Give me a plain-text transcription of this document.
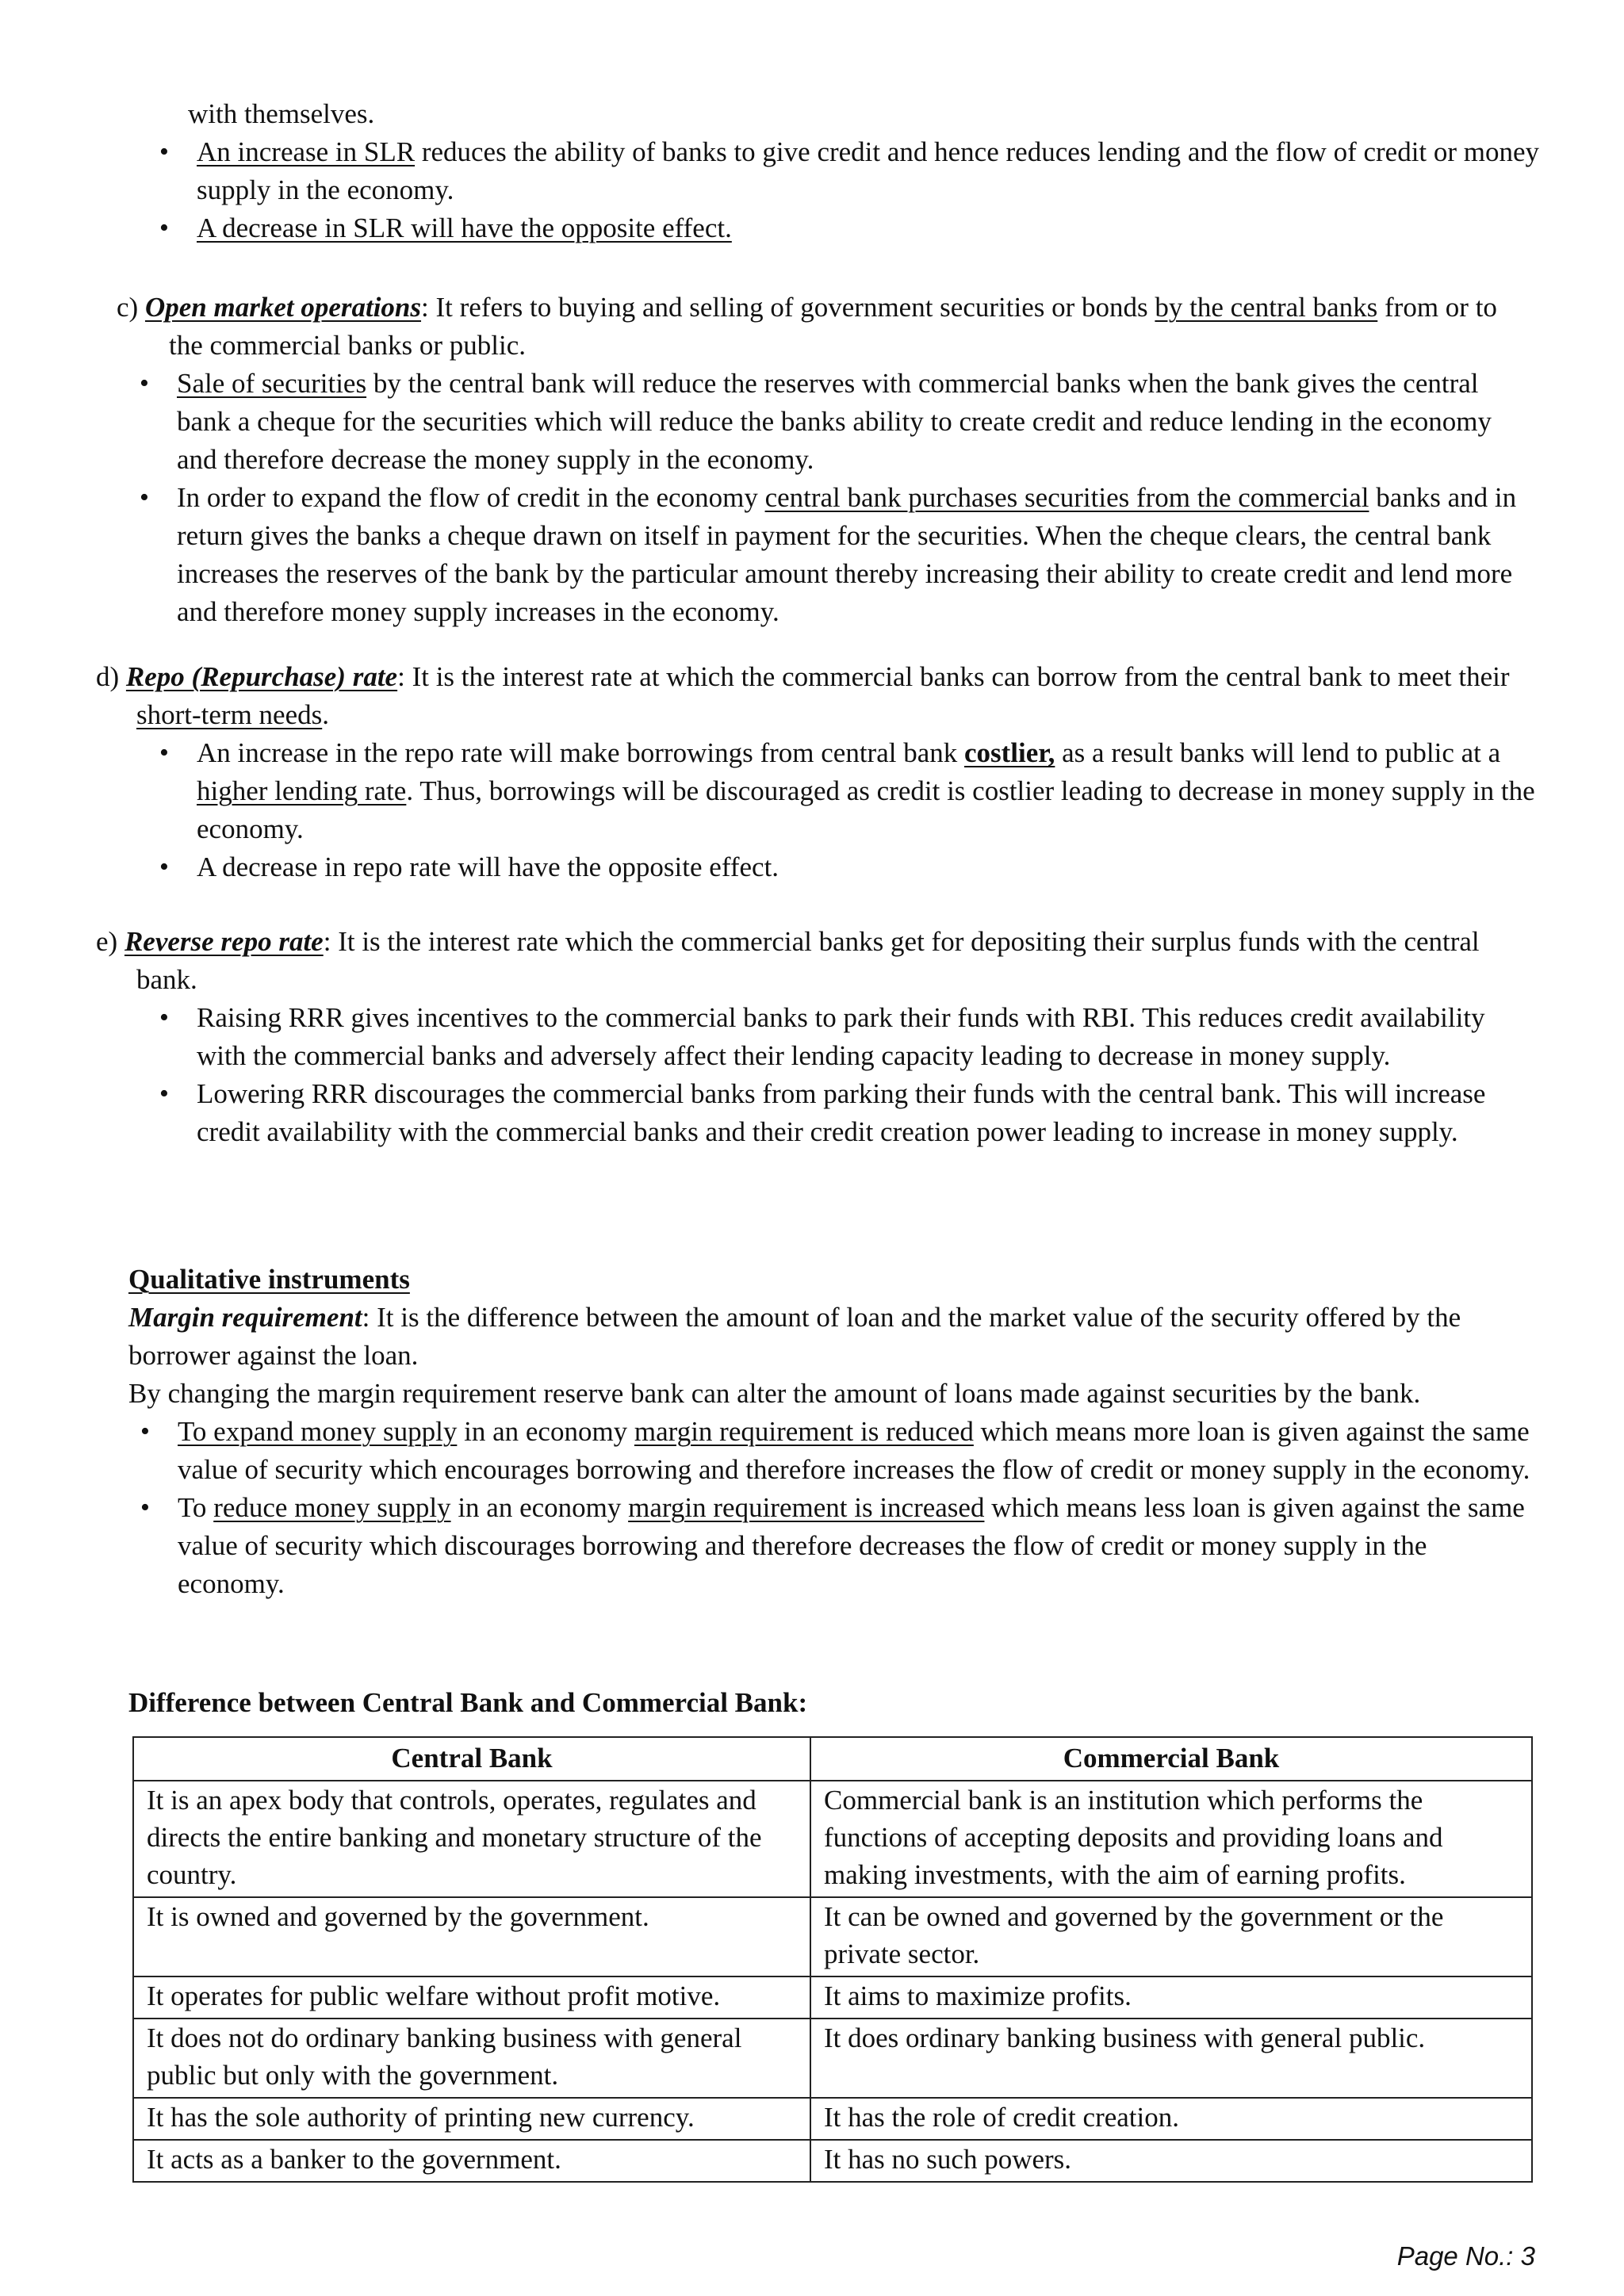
with themselves.

• An increase in SLR reduces the ability of banks to give credit and hence reduces lending and the flow of credit or money supply in the economy.
• A decrease in SLR will have the opposite effect.

c) Open market operations: It refers to buying and selling of government securities or bonds by the central banks from or to the commercial banks or public.

• Sale of securities by the central bank will reduce the reserves with commercial banks when the bank gives the central bank a cheque for the securities which will reduce the banks ability to create credit and reduce lending in the economy and therefore decrease the money supply in the economy.
• In order to expand the flow of credit in the economy central bank purchases securities from the commercial banks and in return gives the banks a cheque drawn on itself in payment for the securities. When the cheque clears, the central bank increases the reserves of the bank by the particular amount thereby increasing their ability to create credit and lend more and therefore money supply increases in the economy.

d) Repo (Repurchase) rate: It is the interest rate at which the commercial banks can borrow from the central bank to meet their short-term needs.

• An increase in the repo rate will make borrowings from central bank costlier, as a result banks will lend to public at a higher lending rate. Thus, borrowings will be discouraged as credit is costlier leading to decrease in money supply in the economy.
• A decrease in repo rate will have the opposite effect.

e) Reverse repo rate: It is the interest rate which the commercial banks get for depositing their surplus funds with the central bank.

• Raising RRR gives incentives to the commercial banks to park their funds with RBI. This reduces credit availability with the commercial banks and adversely affect their lending capacity leading to decrease in money supply.
• Lowering RRR discourages the commercial banks from parking their funds with the central bank. This will increase credit availability with the commercial banks and their credit creation power leading to increase in money supply.

Qualitative instruments

Margin requirement: It is the difference between the amount of loan and the market value of the security offered by the borrower against the loan.

By changing the margin requirement reserve bank can alter the amount of loans made against securities by the bank.

• To expand money supply in an economy margin requirement is reduced which means more loan is given against the same value of security which encourages borrowing and therefore increases the flow of credit or money supply in the economy.
• To reduce money supply in an economy margin requirement is increased which means less loan is given against the same value of security which discourages borrowing and therefore decreases the flow of credit or money supply in the economy.

Difference between Central Bank and Commercial Bank:

Central Bank	Commercial Bank
It is an apex body that controls, operates, regulates and directs the entire banking and monetary structure of the country.	Commercial bank is an institution which performs the functions of accepting deposits and providing loans and making investments, with the aim of earning profits.
It is owned and governed by the government.	It can be owned and governed by the government or the private sector.
It operates for public welfare without profit motive.	It aims to maximize profits.
It does not do ordinary banking business with general public but only with the government.	It does ordinary banking business with general public.
It has the sole authority of printing new currency.	It has the role of credit creation.
It acts as a banker to the government.	It has no such powers.
Page No.: 3
